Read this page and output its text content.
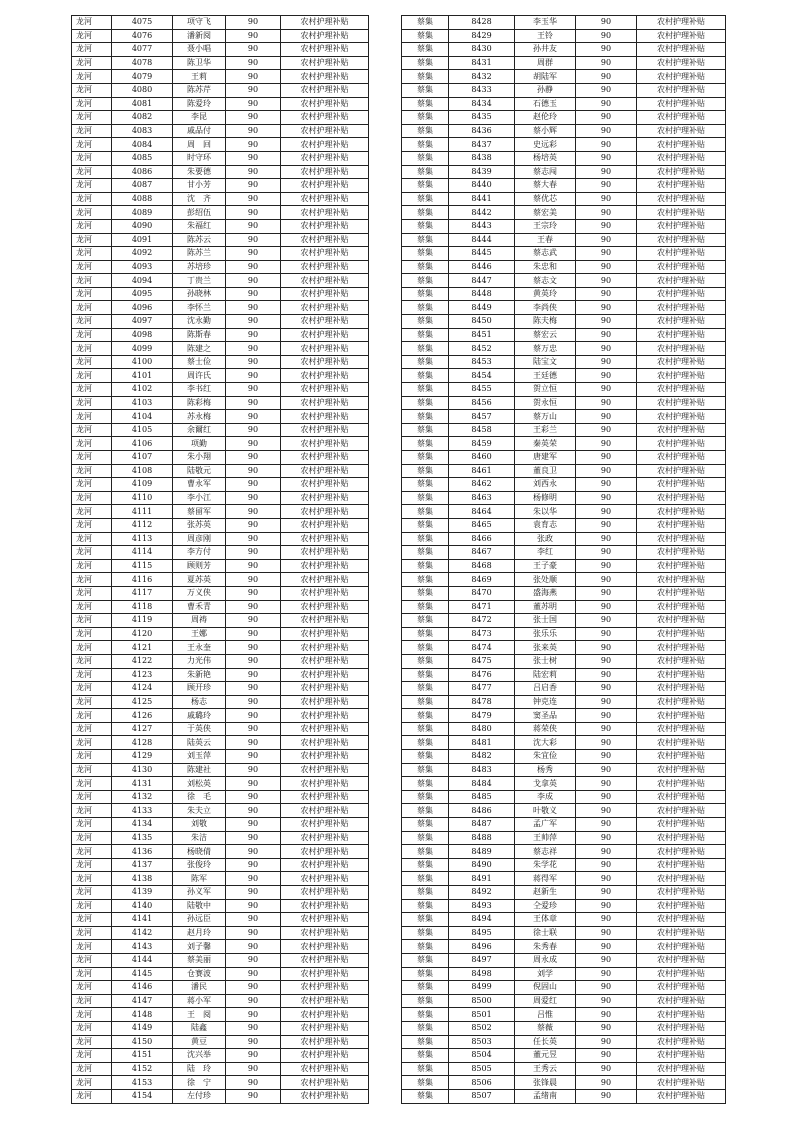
龙河	4075	项守飞	90	农村护理补贴
龙河	4076	潘新阅	90	农村护理补贴
龙河	4077	聂小唱	90	农村护理补贴
龙河	4078	陈卫华	90	农村护理补贴
龙河	4079	王莉	90	农村护理补贴
龙河	4080	陈苏芹	90	农村护理补贴
龙河	4081	陈爱玲	90	农村护理补贴
龙河	4082	李昆	90	农村护理补贴
龙河	4083	戚品付	90	农村护理补贴
龙河	4084	周　回	90	农村护理补贴
龙河	4085	时守环	90	农村护理补贴
龙河	4086	朱要德	90	农村护理补贴
龙河	4087	甘小芳	90	农村护理补贴
龙河	4088	沈　齐	90	农村护理补贴
龙河	4089	彭绍伍	90	农村护理补贴
龙河	4090	朱福红	90	农村护理补贴
龙河	4091	陈苏云	90	农村护理补贴
龙河	4092	陈苏兰	90	农村护理补贴
龙河	4093	苏培珍	90	农村护理补贴
龙河	4094	丁贵兰	90	农村护理补贴
龙河	4095	孙晓林	90	农村护理补贴
龙河	4096	李怀兰	90	农村护理补贴
龙河	4097	沈永勤	90	农村护理补贴
龙河	4098	陈斯春	90	农村护理补贴
龙河	4099	陈建之	90	农村护理补贴
龙河	4100	蔡士俭	90	农村护理补贴
龙河	4101	周许氏	90	农村护理补贴
龙河	4102	李书红	90	农村护理补贴
龙河	4103	陈彩梅	90	农村护理补贴
龙河	4104	苏永梅	90	农村护理补贴
龙河	4105	余爾红	90	农村护理补贴
龙河	4106	项勤	90	农村护理补贴
龙河	4107	朱小翔	90	农村护理补贴
龙河	4108	陆敬元	90	农村护理补贴
龙河	4109	曹永军	90	农村护理补贴
龙河	4110	李小江	90	农村护理补贴
龙河	4111	蔡留军	90	农村护理补贴
龙河	4112	张苏英	90	农村护理补贴
龙河	4113	周彦刚	90	农村护理补贴
龙河	4114	李方付	90	农村护理补贴
龙河	4115	顾则芳	90	农村护理补贴
龙河	4116	夏苏英	90	农村护理补贴
龙河	4117	万义侠	90	农村护理补贴
龙河	4118	曹禾青	90	农村护理补贴
龙河	4119	周祷	90	农村护理补贴
龙河	4120	王娜	90	农村护理补贴
龙河	4121	王永奎	90	农村护理补贴
龙河	4122	力光伟	90	农村护理补贴
龙河	4123	朱新艳	90	农村护理补贴
龙河	4124	顾开珍	90	农村护理补贴
龙河	4125	杨志	90	农村护理补贴
龙河	4126	戚璐玲	90	农村护理补贴
龙河	4127	于英侠	90	农村护理补贴
龙河	4128	陆英云	90	农村护理补贴
龙河	4129	刘玉萍	90	农村护理补贴
龙河	4130	陈建社	90	农村护理补贴
龙河	4131	刘松英	90	农村护理补贴
龙河	4132	徐　毛	90	农村护理补贴
龙河	4133	朱夫立	90	农村护理补贴
龙河	4134	刘敬	90	农村护理补贴
龙河	4135	朱洁	90	农村护理补贴
龙河	4136	杨晓倩	90	农村护理补贴
龙河	4137	张俊玲	90	农村护理补贴
龙河	4138	陈军	90	农村护理补贴
龙河	4139	孙义军	90	农村护理补贴
龙河	4140	陆敬中	90	农村护理补贴
龙河	4141	孙远臣	90	农村护理补贴
龙河	4142	赵月玲	90	农村护理补贴
龙河	4143	刘子馨	90	农村护理补贴
龙河	4144	蔡美丽	90	农村护理补贴
龙河	4145	仓赛波	90	农村护理补贴
龙河	4146	潘民	90	农村护理补贴
龙河	4147	蒋小军	90	农村护理补贴
龙河	4148	王　阅	90	农村护理补贴
龙河	4149	陆鑫	90	农村护理补贴
龙河	4150	黄豆	90	农村护理补贴
龙河	4151	沈兴举	90	农村护理补贴
龙河	4152	陆　玲	90	农村护理补贴
龙河	4153	徐　宁	90	农村护理补贴
龙河	4154	左付珍	90	农村护理补贴
蔡集	8428	李玉华	90	农村护理补贴
蔡集	8429	王铃	90	农村护理补贴
蔡集	8430	孙井友	90	农村护理补贴
蔡集	8431	周群	90	农村护理补贴
蔡集	8432	胡陆军	90	农村护理补贴
蔡集	8433	孙静	90	农村护理补贴
蔡集	8434	石德玉	90	农村护理补贴
蔡集	8435	赵伦玲	90	农村护理补贴
蔡集	8436	蔡小辉	90	农村护理补贴
蔡集	8437	史远彩	90	农村护理补贴
蔡集	8438	杨培英	90	农村护理补贴
蔡集	8439	蔡志闯	90	农村护理补贴
蔡集	8440	蔡大春	90	农村护理补贴
蔡集	8441	蔡优芯	90	农村护理补贴
蔡集	8442	蔡宏美	90	农村护理补贴
蔡集	8443	王宗玲	90	农村护理补贴
蔡集	8444	王春	90	农村护理补贴
蔡集	8445	蔡志武	90	农村护理补贴
蔡集	8446	朱忠和	90	农村护理补贴
蔡集	8447	蔡志文	90	农村护理补贴
蔡集	8448	黄英玲	90	农村护理补贴
蔡集	8449	李尚侠	90	农村护理补贴
蔡集	8450	陈夫梅	90	农村护理补贴
蔡集	8451	蔡宏云	90	农村护理补贴
蔡集	8452	蔡万忠	90	农村护理补贴
蔡集	8453	陆宝文	90	农村护理补贴
蔡集	8454	王廷德	90	农村护理补贴
蔡集	8455	贺立恒	90	农村护理补贴
蔡集	8456	贺永恒	90	农村护理补贴
蔡集	8457	蔡万山	90	农村护理补贴
蔡集	8458	王彩兰	90	农村护理补贴
蔡集	8459	秦英荣	90	农村护理补贴
蔡集	8460	唐建军	90	农村护理补贴
蔡集	8461	董良卫	90	农村护理补贴
蔡集	8462	刘西永	90	农村护理补贴
蔡集	8463	杨修明	90	农村护理补贴
蔡集	8464	朱以华	90	农村护理补贴
蔡集	8465	袁育志	90	农村护理补贴
蔡集	8466	张政	90	农村护理补贴
蔡集	8467	李红	90	农村护理补贴
蔡集	8468	王子豪	90	农村护理补贴
蔡集	8469	张处顺	90	农村护理补贴
蔡集	8470	盛海燕	90	农村护理补贴
蔡集	8471	董苏明	90	农村护理补贴
蔡集	8472	张士国	90	农村护理补贴
蔡集	8473	张乐乐	90	农村护理补贴
蔡集	8474	张来英	90	农村护理补贴
蔡集	8475	张士树	90	农村护理补贴
蔡集	8476	陆宏莉	90	农村护理补贴
蔡集	8477	吕启香	90	农村护理补贴
蔡集	8478	钟克连	90	农村护理补贴
蔡集	8479	窦圣品	90	农村护理补贴
蔡集	8480	蒋荣侠	90	农村护理补贴
蔡集	8481	沈大彩	90	农村护理补贴
蔡集	8482	朱宜俭	90	农村护理补贴
蔡集	8483	杨秀	90	农村护理补贴
蔡集	8484	戈拿英	90	农村护理补贴
蔡集	8485	李成	90	农村护理补贴
蔡集	8486	叶敬义	90	农村护理补贴
蔡集	8487	孟广军	90	农村护理补贴
蔡集	8488	王帅萍	90	农村护理补贴
蔡集	8489	蔡志祥	90	农村护理补贴
蔡集	8490	朱学花	90	农村护理补贴
蔡集	8491	蒋得军	90	农村护理补贴
蔡集	8492	赵新生	90	农村护理补贴
蔡集	8493	仝爱珍	90	农村护理补贴
蔡集	8494	王体章	90	农村护理补贴
蔡集	8495	徐士联	90	农村护理补贴
蔡集	8496	朱秀春	90	农村护理补贴
蔡集	8497	周永成	90	农村护理补贴
蔡集	8498	刘学	90	农村护理补贴
蔡集	8499	倪固山	90	农村护理补贴
蔡集	8500	周爱红	90	农村护理补贴
蔡集	8501	吕惟	90	农村护理补贴
蔡集	8502	蔡薇	90	农村护理补贴
蔡集	8503	任长英	90	农村护理补贴
蔡集	8504	董元昱	90	农村护理补贴
蔡集	8505	王秀云	90	农村护理补贴
蔡集	8506	张锋晨	90	农村护理补贴
蔡集	8507	孟绪南	90	农村护理补贴
